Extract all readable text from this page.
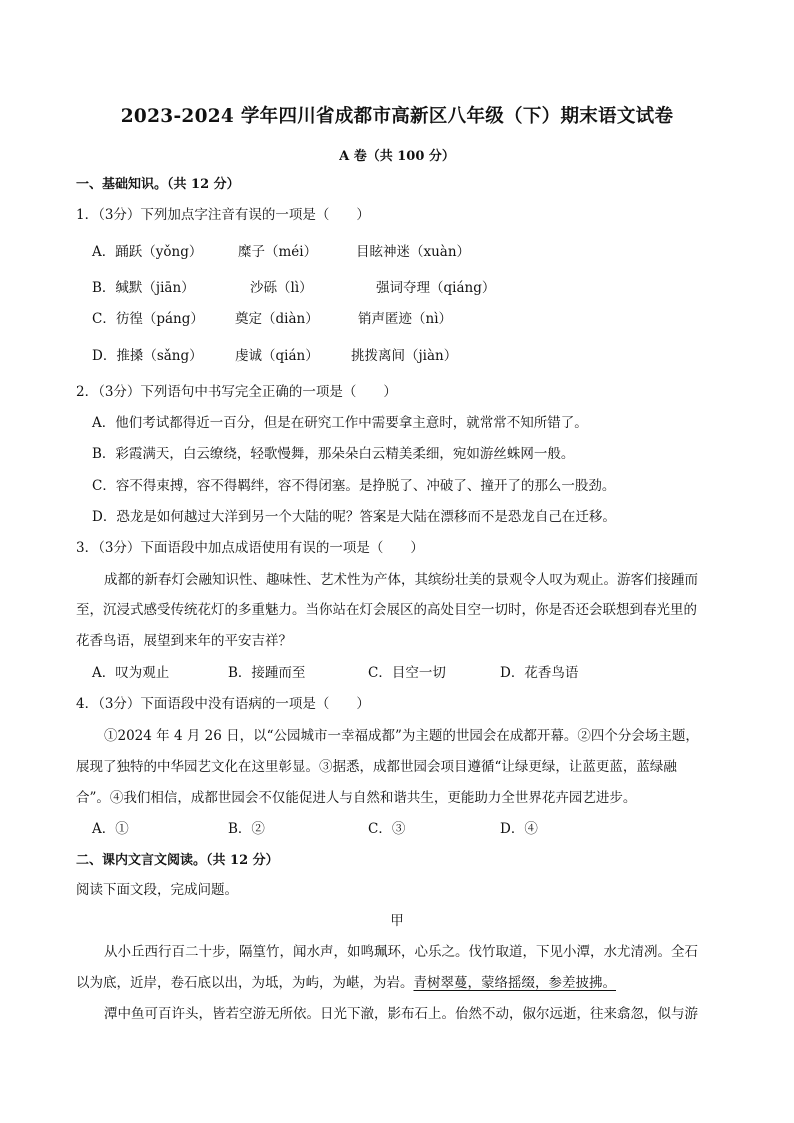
2023-2024 学年四川省成都市高新区八年级（下）期末语文试卷
A 卷（共 100 分）
一、基础知识。（共 12 分）
1．（3分）下列加点字注音有误的一项是（　　）
A．踊跃（yǒng）	糜子（méi）	目眩神迷（xuàn）
B．缄默（jiān）	沙砾（lì）	强词夺理（qiáng）
C．彷徨（páng） 奠定（diàn）	销声匿迹（nì）
D．推搡（sǎng） 虔诚（qián） 挑拨离间（jiàn）
2．（3分）下列语句中书写完全正确的一项是（　　）
A．他们考试都得近一百分，但是在研究工作中需要拿主意时，就常常不知所错了。
B．彩霞满天，白云缭绕，轻歌慢舞，那朵朵白云精美柔细，宛如游丝蛛网一般。
C．容不得束搏，容不得羁绊，容不得闭塞。是挣脱了、冲破了、撞开了的那么一股劲。
D．恐龙是如何越过大洋到另一个大陆的呢？答案是大陆在漂移而不是恐龙自己在迁移。
3．（3分）下面语段中加点成语使用有误的一项是（　　）
成都的新春灯会融知识性、趣味性、艺术性为产体，其缤纷壮美的景观令人叹为观止。游客们接踵而
至，沉浸式感受传统花灯的多重魅力。当你站在灯会展区的高处目空一切时，你是否还会联想到春光里的
花香鸟语，展望到来年的平安吉祥？
A．叹为观止	B．接踵而至	C．目空一切	D．花香鸟语
4．（3分）下面语段中没有语病的一项是（　　）
①2024 年 4 月 26 日，以“公园城市一幸福成都”为主题的世园会在成都开幕。②四个分会场主题，
展现了独特的中华园艺文化在这里彰显。③据悉，成都世园会项目遵循“让绿更绿，让蓝更蓝，蓝绿融
合”。④我们相信，成都世园会不仅能促进人与自然和谐共生，更能助力全世界花卉园艺进步。
A．①	B．②	C．③	D．④
二、课内文言文阅读。（共 12 分）
阅读下面文段，完成问题。
甲
从小丘西行百二十步，隔篁竹，闻水声，如鸣珮环，心乐之。伐竹取道，下见小潭，水尤清冽。全石
以为底，近岸，卷石底以出，为坻，为屿，为嵁，为岩。青树翠蔓，蒙络摇缀，参差披拂。
潭中鱼可百许头，皆若空游无所依。日光下澈，影布石上。佁然不动，俶尔远逝，往来翕忽，似与游
